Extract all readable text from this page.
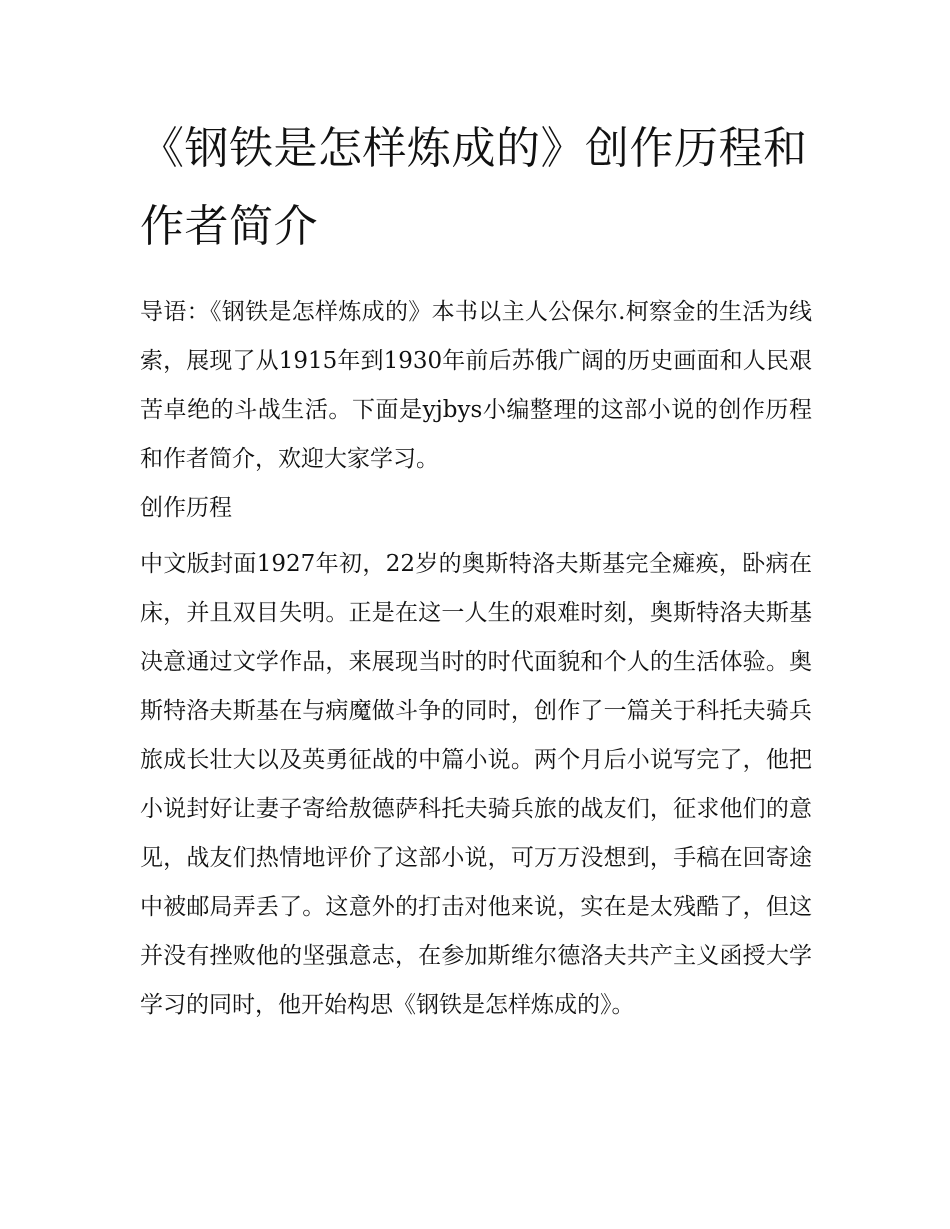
《钢铁是怎样炼成的》创作历程和作者简介

导语：《钢铁是怎样炼成的》本书以主人公保尔.柯察金的生活为线索，展现了从1915年到1930年前后苏俄广阔的历史画面和人民艰苦卓绝的斗战生活。下面是yjbys小编整理的这部小说的创作历程和作者简介，欢迎大家学习。

创作历程

中文版封面1927年初，22岁的奥斯特洛夫斯基完全瘫痪，卧病在床，并且双目失明。正是在这一人生的艰难时刻，奥斯特洛夫斯基决意通过文学作品，来展现当时的时代面貌和个人的生活体验。奥斯特洛夫斯基在与病魔做斗争的同时，创作了一篇关于科托夫骑兵旅成长壮大以及英勇征战的中篇小说。两个月后小说写完了，他把小说封好让妻子寄给敖德萨科托夫骑兵旅的战友们，征求他们的意见，战友们热情地评价了这部小说，可万万没想到，手稿在回寄途中被邮局弄丢了。这意外的打击对他来说，实在是太残酷了，但这并没有挫败他的坚强意志，在参加斯维尔德洛夫共产主义函授大学学习的同时，他开始构思《钢铁是怎样炼成的》。
